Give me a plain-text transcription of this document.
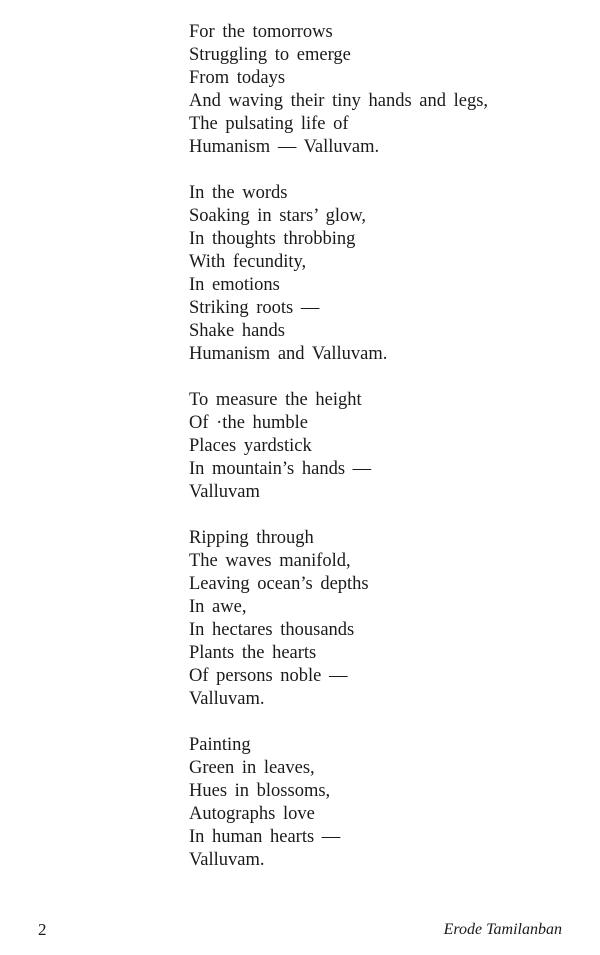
For the tomorrows
Struggling to emerge
From todays
And waving their tiny hands and legs,
The pulsating life of
Humanism — Valluvam.
In the words
Soaking in stars’ glow,
In thoughts throbbing
With fecundity,
In emotions
Striking roots —
Shake hands
Humanism and Valluvam.
To measure the height
Of ·the humble
Places yardstick
In mountain’s hands —
Valluvam
Ripping through
The waves manifold,
Leaving ocean’s depths
In awe,
In hectares thousands
Plants the hearts
Of persons noble —
Valluvam.
Painting
Green in leaves,
Hues in blossoms,
Autographs love
In human hearts —
Valluvam.
2	Erode Tamilanban
